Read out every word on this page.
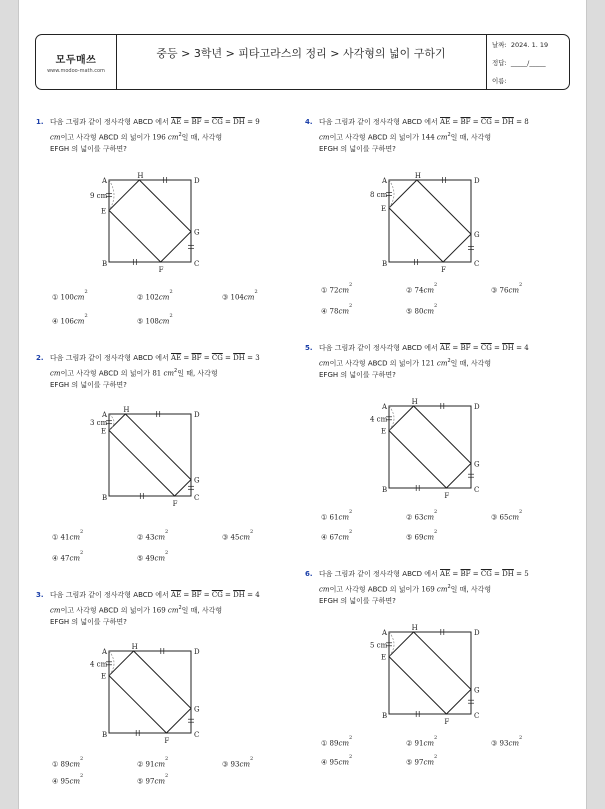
모두매쓰
www.modoo-math.com
중등 > 3학년 > 피타고라스의 정리 > 사각형의 넓이 구하기
날짜: 2024. 1. 19
정답: _____/_____
이름:
1. 다음 그림과 같이 정사각형 ABCD 에서 $\overline{AE} = \overline{BF} = \overline{CG} = \overline{DH} = 9$
cm이고 사각형 ABCD 의 넓이가 196 $cm^2$일 때, 사각형
EFGH 의 넓이를 구하면?
2. 다음 그림과 같이 정사각형 ABCD 에서 $\overline{AE} = \overline{BF} = \overline{CG} = \overline{DH} = 3$
cm이고 사각형 ABCD 의 넓이가 81 $cm^2$일 때, 사각형
EFGH 의 넓이를 구하면?
3. 다음 그림과 같이 정사각형 ABCD 에서 $\overline{AE} = \overline{BF} = \overline{CG} = \overline{DH} = 4$
cm이고 사각형 ABCD 의 넓이가 169 $cm^2$일 때, 사각형
EFGH 의 넓이를 구하면?
4. 다음 그림과 같이 정사각형 ABCD 에서 $\overline{AE} = \overline{BF} = \overline{CG} = \overline{DH} = 8$
cm이고 사각형 ABCD 의 넓이가 144 $cm^2$일 때, 사각형
EFGH 의 넓이를 구하면?
5. 다음 그림과 같이 정사각형 ABCD 에서 $\overline{AE} = \overline{BF} = \overline{CG} = \overline{DH} = 4$
cm이고 사각형 ABCD 의 넓이가 121 $cm^2$일 때, 사각형
EFGH 의 넓이를 구하면?
6. 다음 그림과 같이 정사각형 ABCD 에서 $\overline{AE} = \overline{BF} = \overline{CG} = \overline{DH} = 5$
cm이고 사각형 ABCD 의 넓이가 169 $cm^2$일 때, 사각형
EFGH 의 넓이를 구하면?
A
B	C
D
E
F
G
H
9 cm
① $100cm^2$
② $102cm^2$
③ $104cm^2$
④ $106cm^2$
⑤ $108cm^2$
A
B	C
D
E
F
G
H
3 cm
① $41cm^2$
② $43cm^2$
③ $45cm^2$
④ $47cm^2$
⑤ $49cm^2$
A
B	C
D
E
F
G
H
4 cm
① $89cm^2$
② $91cm^2$
③ $93cm^2$
④ $95cm^2$
⑤ $97cm^2$
A
B	C
D
E
F
G
H
8 cm
① $72cm^2$
② $74cm^2$
③ $76cm^2$
④ $78cm^2$
⑤ $80cm^2$
A
B	C
D
E
F
G
H
4 cm
① $61cm^2$
② $63cm^2$
③ $65cm^2$
④ $67cm^2$
⑤ $69cm^2$
A
B	C
D
E
F
G
H
5 cm
① $89cm^2$
② $91cm^2$
③ $93cm^2$
④ $95cm^2$
⑤ $97cm^2$
